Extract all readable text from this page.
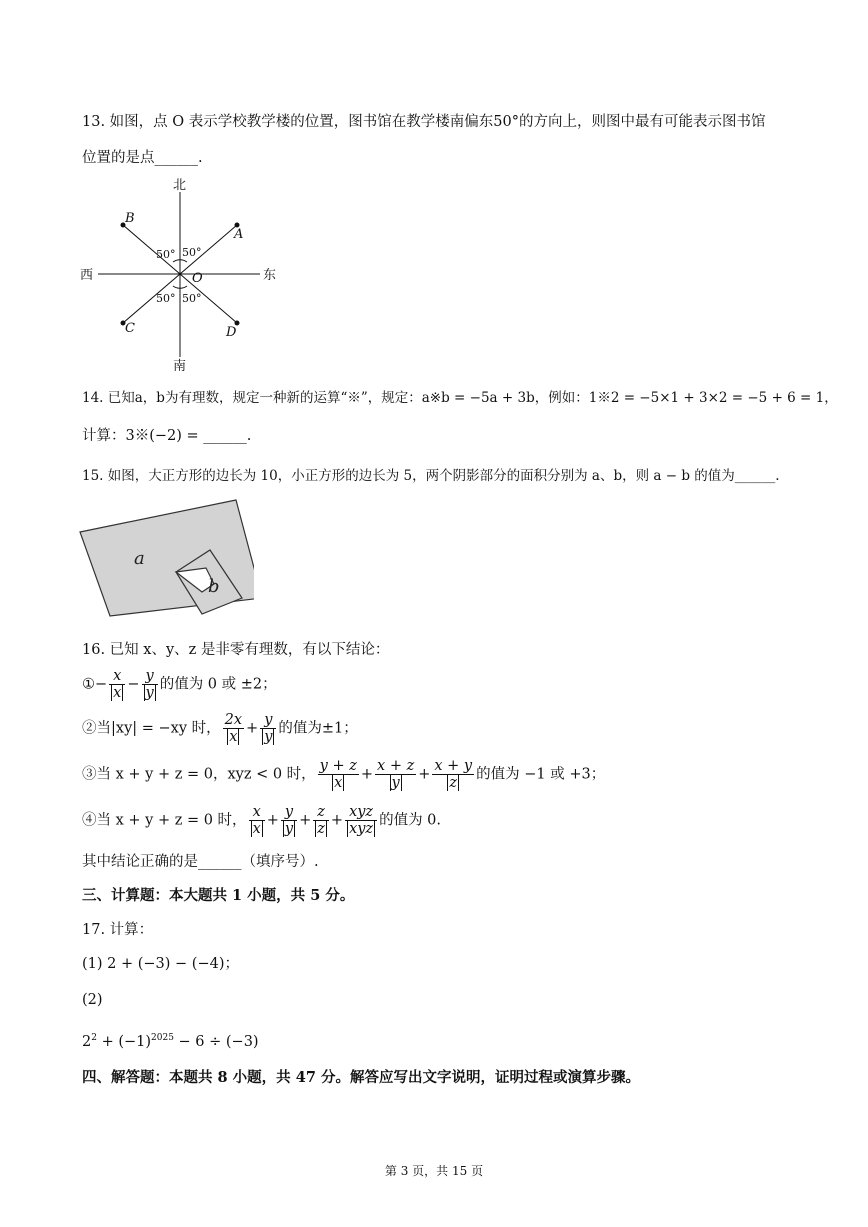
13. 如图，点 O 表示学校教学楼的位置，图书馆在教学楼南偏东50°的方向上，则图中最有可能表示图书馆
位置的是点______.
北
南
西	东
O
A
B
C	D
50° 50°
50° 50°
14. 已知a，b为有理数，规定一种新的运算“※”，规定：a※b = −5a + 3b，例如：1※2 = −5×1 + 3×2 = −5 + 6 = 1，
计算：3※(−2) = ______.
15. 如图，大正方形的边长为 10，小正方形的边长为 5，两个阴影部分的面积分别为 a、b，则 a − b 的值为______.
a
b
16. 已知 x、y、z 是非零有理数，有以下结论：
①− $\frac{x}{x} - \frac{y}{y}$ 的值为 0 或 ±2；
②当|xy| = −xy 时， $\frac{2x}{x} + \frac{y}{y}$ 的值为±1；
③当 x + y + z = 0，xyz < 0 时， $\frac{y + z}{x} + \frac{x + z}{y} + \frac{x + y}{z}$ 的值为 −1 或 +3；
④当 x + y + z = 0 时， $\frac{x}{x} + \frac{y}{y} + \frac{z}{z} + \frac{\text{xyz}}{\text{xyz}}$ 的值为 0.
其中结论正确的是______（填序号）.
三、计算题：本大题共 1 小题，共 5 分。
17. 计算：
(1) 2 + (−3) − (−4)；
(2)
$2^2 + (-1)^{2025} - 6 \div (-3)$
四、解答题：本题共 8 小题，共 47 分。解答应写出文字说明，证明过程或演算步骤。
第 3 页，共 15 页
